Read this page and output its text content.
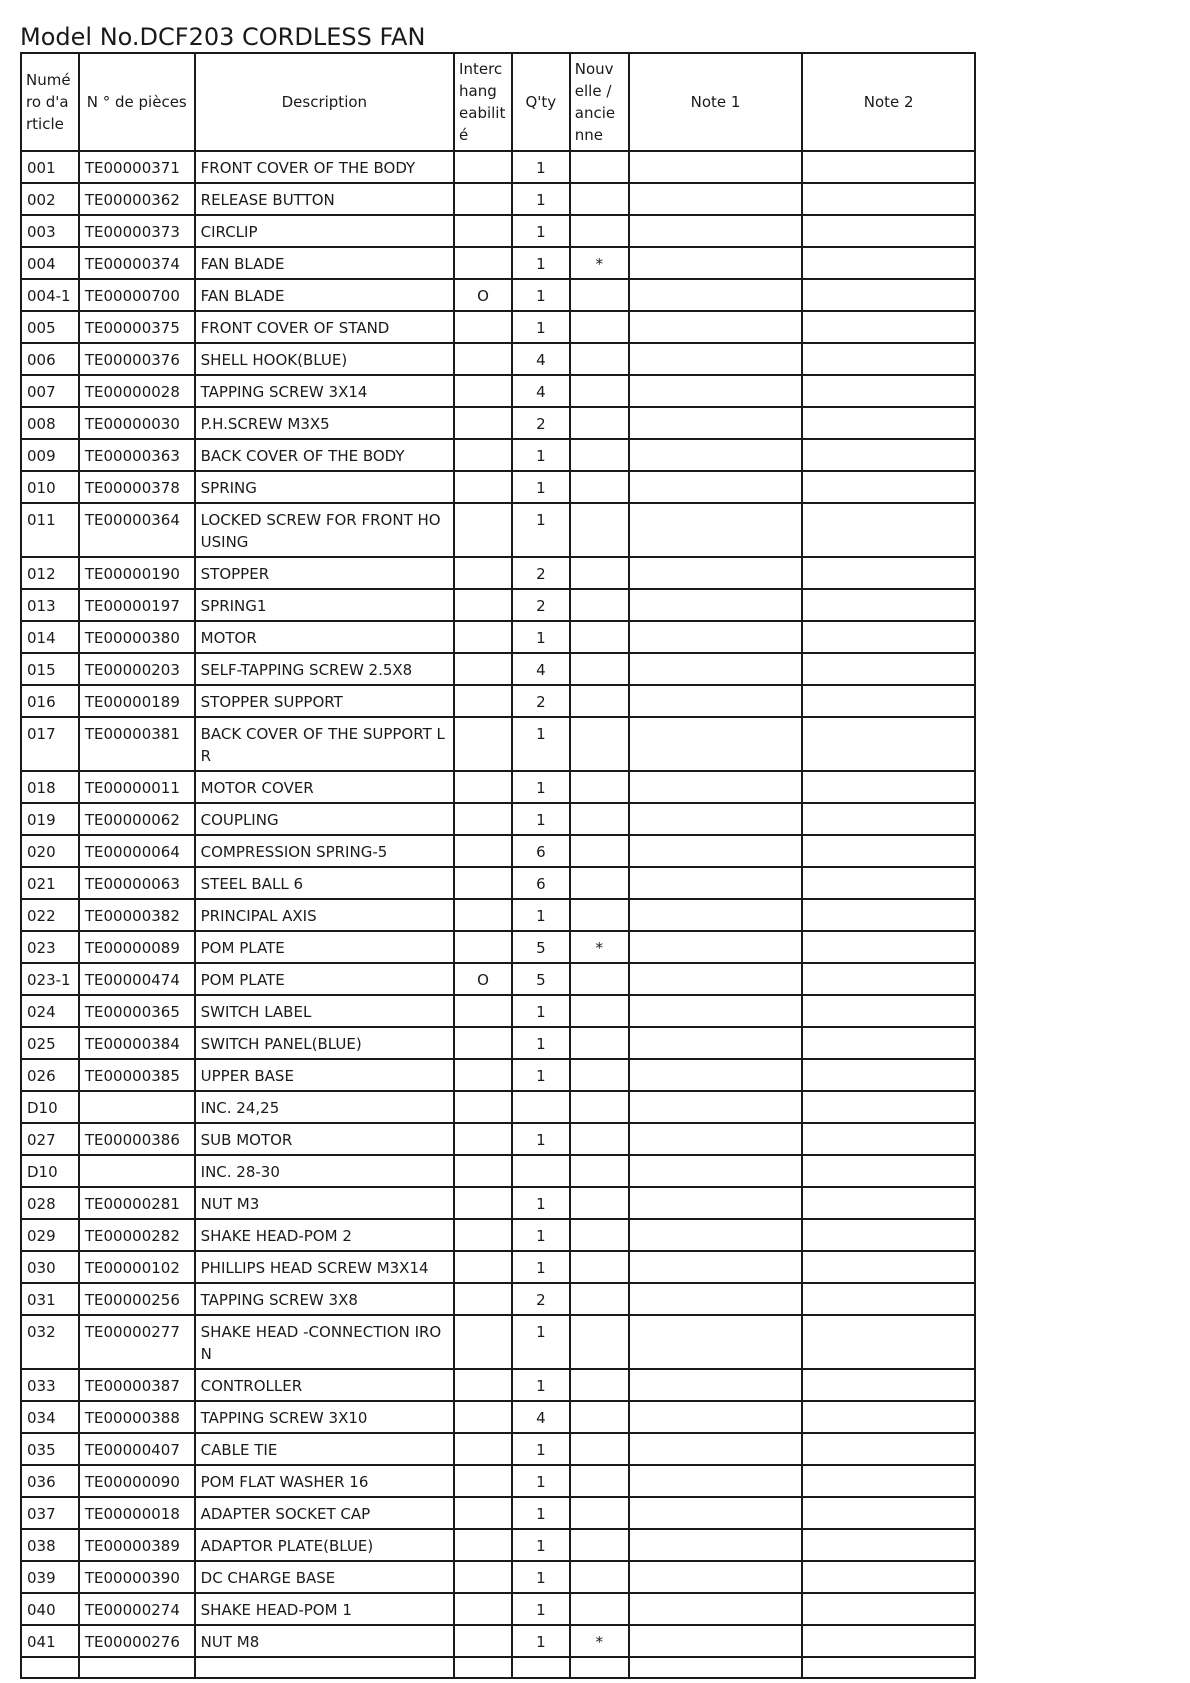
Model No.DCF203 CORDLESS FAN
Numé ro d'a rticle	N ° de pièces	Description	Interc hang eabilit é	Q'ty	Nouv elle / ancie nne	Note 1	Note 2
001	TE00000371	FRONT COVER OF THE BODY		1			
002	TE00000362	RELEASE BUTTON		1			
003	TE00000373	CIRCLIP		1			
004	TE00000374	FAN BLADE		1	*		
004-1	TE00000700	FAN BLADE	O	1			
005	TE00000375	FRONT COVER OF STAND		1			
006	TE00000376	SHELL HOOK(BLUE)		4			
007	TE00000028	TAPPING SCREW 3X14		4			
008	TE00000030	P.H.SCREW M3X5		2			
009	TE00000363	BACK COVER OF THE BODY		1			
010	TE00000378	SPRING		1			
011	TE00000364	LOCKED SCREW FOR FRONT HO USING		1			
012	TE00000190	STOPPER		2			
013	TE00000197	SPRING1		2			
014	TE00000380	MOTOR		1			
015	TE00000203	SELF-TAPPING SCREW 2.5X8		4			
016	TE00000189	STOPPER SUPPORT		2			
017	TE00000381	BACK COVER OF THE SUPPORT L R		1			
018	TE00000011	MOTOR COVER		1			
019	TE00000062	COUPLING		1			
020	TE00000064	COMPRESSION SPRING-5		6			
021	TE00000063	STEEL BALL 6		6			
022	TE00000382	PRINCIPAL AXIS		1			
023	TE00000089	POM PLATE		5	*		
023-1	TE00000474	POM PLATE	O	5			
024	TE00000365	SWITCH LABEL		1			
025	TE00000384	SWITCH PANEL(BLUE)		1			
026	TE00000385	UPPER BASE		1			
D10		INC. 24,25					
027	TE00000386	SUB MOTOR		1			
D10		INC. 28-30					
028	TE00000281	NUT M3		1			
029	TE00000282	SHAKE HEAD-POM 2		1			
030	TE00000102	PHILLIPS HEAD SCREW M3X14		1			
031	TE00000256	TAPPING SCREW 3X8		2			
032	TE00000277	SHAKE HEAD -CONNECTION IRO N		1			
033	TE00000387	CONTROLLER		1			
034	TE00000388	TAPPING SCREW 3X10		4			
035	TE00000407	CABLE TIE		1			
036	TE00000090	POM FLAT WASHER 16		1			
037	TE00000018	ADAPTER SOCKET CAP		1			
038	TE00000389	ADAPTOR PLATE(BLUE)		1			
039	TE00000390	DC CHARGE BASE		1			
040	TE00000274	SHAKE HEAD-POM 1		1			
041	TE00000276	NUT M8		1	*		
